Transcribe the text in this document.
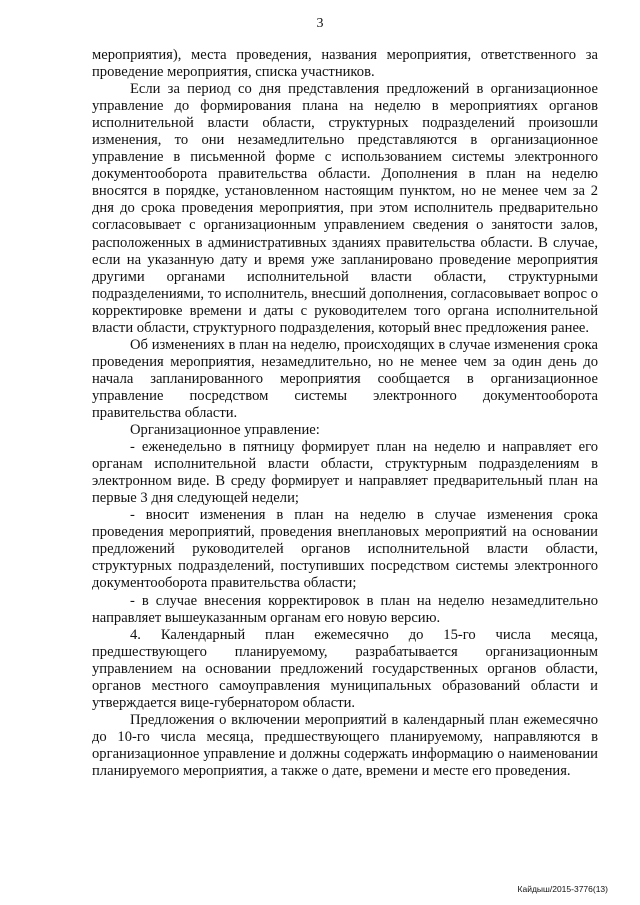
3

мероприятия), места проведения, названия мероприятия, ответственного за проведение мероприятия, списка участников.

Если за период со дня представления предложений в организационное управление до формирования плана на неделю в мероприятиях органов исполнительной власти области, структурных подразделений произошли изменения, то они незамедлительно представляются в организационное управление в письменной форме с использованием системы электронного документооборота правительства области. Дополнения в план на неделю вносятся в порядке, установленном настоящим пунктом, но не менее чем за 2 дня до срока проведения мероприятия, при этом исполнитель предварительно согласовывает с организационным управлением сведения о занятости залов, расположенных в административных зданиях правительства области. В случае, если на указанную дату и время уже запланировано проведение мероприятия другими органами исполнительной власти области, структурными подразделениями, то исполнитель, внесший дополнения, согласовывает вопрос о корректировке времени и даты с руководителем того органа исполнительной власти области, структурного подразделения, который внес предложения ранее.

Об изменениях в план на неделю, происходящих в случае изменения срока проведения мероприятия, незамедлительно, но не менее чем за один день до начала запланированного мероприятия сообщается в организационное управление посредством системы электронного документооборота правительства области.

Организационное управление:

- еженедельно в пятницу формирует план на неделю и направляет его органам исполнительной власти области, структурным подразделениям в электронном виде. В среду формирует и направляет предварительный план на первые 3 дня следующей недели;

- вносит изменения в план на неделю в случае изменения срока проведения мероприятий, проведения внеплановых мероприятий на основании предложений руководителей органов исполнительной власти области, структурных подразделений, поступивших посредством системы электронного документооборота правительства области;

- в случае внесения корректировок в план на неделю незамедлительно направляет вышеуказанным органам его новую версию.

4. Календарный план ежемесячно до 15-го числа месяца, предшествующего планируемому, разрабатывается организационным управлением на основании предложений государственных органов области, органов местного самоуправления муниципальных образований области и утверждается вице-губернатором области.

Предложения о включении мероприятий в календарный план ежемесячно до 10-го числа месяца, предшествующего планируемому, направляются в организационное управление и должны содержать информацию о наименовании планируемого мероприятия, а также о дате, времени и месте его проведения.

Кайдыш/2015-3776(13)
